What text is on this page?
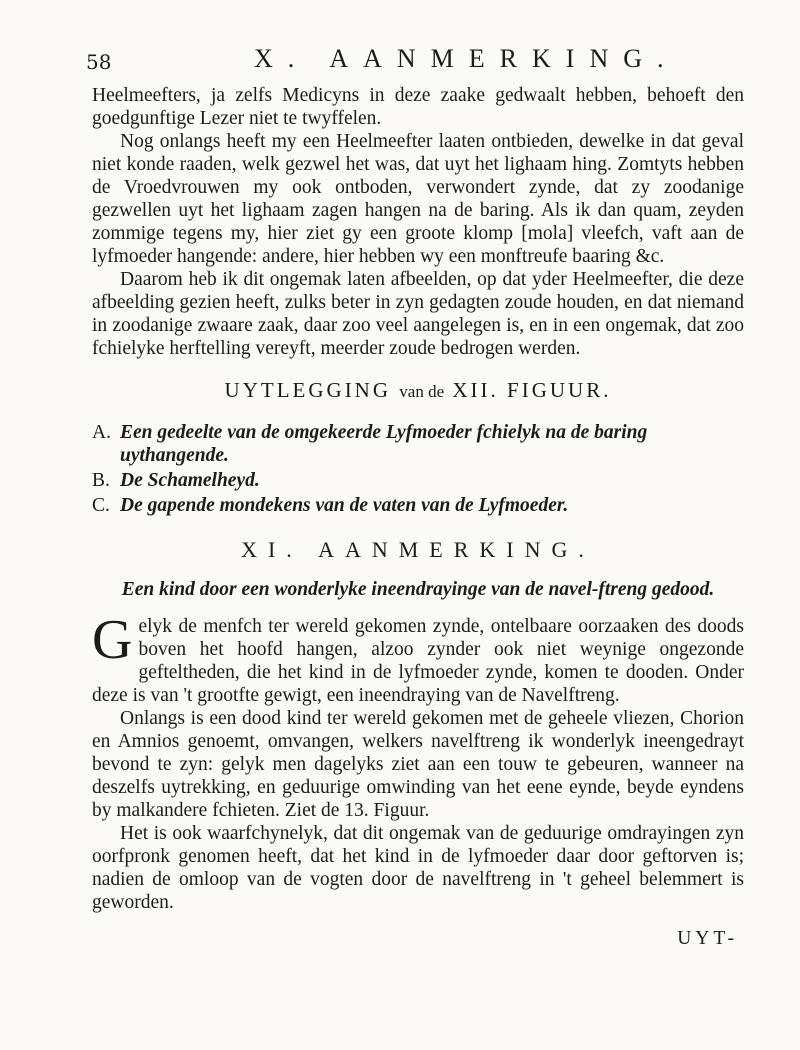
58	X. AANMERKING.

Heelmeefters, ja zelfs Medicyns in deze zaake gedwaalt hebben, behoeft den goedgunftige Lezer niet te twyffelen.

Nog onlangs heeft my een Heelmeefter laaten ontbieden, dewelke in dat geval niet konde raaden, welk gezwel het was, dat uyt het lighaam hing. Zomtyts hebben de Vroedvrouwen my ook ontboden, verwondert zynde, dat zy zoodanige gezwellen uyt het lighaam zagen hangen na de baring. Als ik dan quam, zeyden zommige tegens my, hier ziet gy een groote klomp [mola] vleefch, vaft aan de lyfmoeder hangende: andere, hier hebben wy een monftreufe baaring &c.

Daarom heb ik dit ongemak laten afbeelden, op dat yder Heelmeefter, die deze afbeelding gezien heeft, zulks beter in zyn gedagten zoude houden, en dat niemand in zoodanige zwaare zaak, daar zoo veel aangelegen is, en in een ongemak, dat zoo fchielyke herftelling vereyft, meerder zoude bedrogen werden.

UYTLEGGING van de XII. FIGUUR.
A. Een gedeelte van de omgekeerde Lyfmoeder fchielyk na de baring uythangende.
B. De Schamelheyd.
C. De gapende mondekens van de vaten van de Lyfmoeder.
XI. AANMERKING.
Een kind door een wonderlyke ineendrayinge van de navel-ftreng gedood.

Gelyk de menfch ter wereld gekomen zynde, ontelbaare oorzaaken des doods boven het hoofd hangen, alzoo zynder ook niet weynige ongezonde gefteltheden, die het kind in de lyfmoeder zynde, komen te dooden. Onder deze is van 't grootfte gewigt, een ineendraying van de Navelftreng.

Onlangs is een dood kind ter wereld gekomen met de geheele vliezen, Chorion en Amnios genoemt, omvangen, welkers navelftreng ik wonderlyk ineengedrayt bevond te zyn: gelyk men dagelyks ziet aan een touw te gebeuren, wanneer na deszelfs uytrekking, en geduurige omwinding van het eene eynde, beyde eyndens by malkandere fchieten. Ziet de 13. Figuur.

Het is ook waarfchynelyk, dat dit ongemak van de geduurige omdrayingen zyn oorfpronk genomen heeft, dat het kind in de lyfmoeder daar door geftorven is; nadien de omloop van de vogten door de navelftreng in 't geheel belemmert is geworden.

UYT-
